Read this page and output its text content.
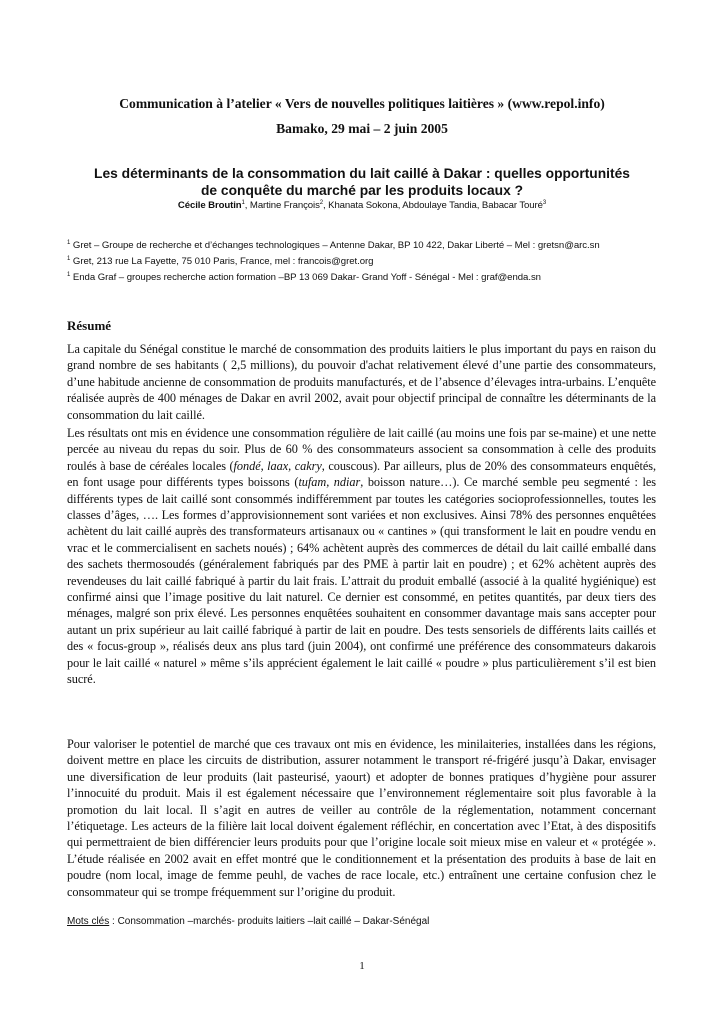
Communication à l’atelier « Vers de nouvelles politiques laitières » (www.repol.info)
Bamako, 29 mai – 2 juin 2005
Les déterminants de la consommation du lait caillé à Dakar : quelles opportunités
de conquête du marché par les produits locaux ?
Cécile Broutin$^1$, Martine François$^2$, Khanata Sokona, Abdoulaye Tandia, Babacar Touré$^3$
$^1$ Gret – Groupe de recherche et d’échanges technologiques – Antenne Dakar, BP 10 422, Dakar Liberté – Mel : gretsn@arc.sn
$^1$ Gret, 213 rue La Fayette, 75 010 Paris, France, mel : francois@gret.org
$^1$ Enda Graf – groupes recherche action formation –BP 13 069 Dakar- Grand Yoff - Sénégal - Mel : graf@enda.sn
Résumé

La capitale du Sénégal constitue le marché de consommation des produits laitiers le plus important du pays en raison du grand nombre de ses habitants ( 2,5 millions), du pouvoir d'achat relativement élevé d’une partie des consommateurs, d’une habitude ancienne de consommation de produits manufacturés, et de l’absence d’élevages intra-urbains. L’enquête réalisée auprès de 400 ménages de Dakar en avril 2002, avait pour objectif principal de connaître les déterminants de la consommation du lait caillé.

Les résultats ont mis en évidence une consommation régulière de lait caillé (au moins une fois par se-maine) et une nette percée au niveau du repas du soir. Plus de 60 % des consommateurs associent sa consommation à celle des produits roulés à base de céréales locales (fondé, laax, cakry, couscous). Par ailleurs, plus de 20% des consommateurs enquêtés, en font usage pour différents types boissons (tufam, ndiar, boisson nature…). Ce marché semble peu segmenté : les différents types de lait caillé sont consommés indifféremment par toutes les catégories socioprofessionnelles, toutes les classes d’âges, …. Les formes d’approvisionnement sont variées et non exclusives. Ainsi 78% des personnes enquêtées achètent du lait caillé auprès des transformateurs artisanaux ou « cantines » (qui transforment le lait en poudre vendu en vrac et le commercialisent en sachets noués) ; 64% achètent auprès des commerces de détail du lait caillé emballé dans des sachets thermosoudés (généralement fabriqués par des PME à partir lait en poudre) ; et 62% achètent auprès des revendeuses du lait caillé fabriqué à partir du lait frais. L’attrait du produit emballé (associé à la qualité hygiénique) est confirmé ainsi que l’image positive du lait naturel. Ce dernier est consommé, en petites quantités, par deux tiers des ménages, malgré son prix élevé. Les personnes enquêtées souhaitent en consommer davantage mais sans accepter pour autant un prix supérieur au lait caillé fabriqué à partir de lait en poudre. Des tests sensoriels de différents laits caillés et des « focus-group », réalisés deux ans plus tard (juin 2004), ont confirmé une préférence des consommateurs dakarois pour le lait caillé « naturel » même s’ils apprécient également le lait caillé « poudre » plus particulièrement s’il est bien sucré.

Pour valoriser le potentiel de marché que ces travaux ont mis en évidence, les minilaiteries, installées dans les régions, doivent mettre en place les circuits de distribution, assurer notamment le transport ré-frigéré jusqu’à Dakar, envisager une diversification de leur produits (lait pasteurisé, yaourt) et adopter de bonnes pratiques d’hygiène pour assurer l’innocuité du produit. Mais il est également nécessaire que l’environnement réglementaire soit plus favorable à la promotion du lait local. Il s’agit en autres de veiller au contrôle de la réglementation, notamment concernant l’étiquetage. Les acteurs de la filière lait local doivent également réfléchir, en concertation avec l’Etat, à des dispositifs qui permettraient de bien différencier leurs produits pour que l’origine locale soit mieux mise en valeur et « protégée ». L’étude réalisée en 2002 avait en effet montré que le conditionnement et la présentation des produits à base de lait en poudre (nom local, image de femme peuhl, de vaches de race locale, etc.) entraînent une certaine confusion chez le consommateur qui se trompe fréquemment sur l’origine du produit.

Mots clés : Consommation –marchés- produits laitiers –lait caillé – Dakar-Sénégal
1
